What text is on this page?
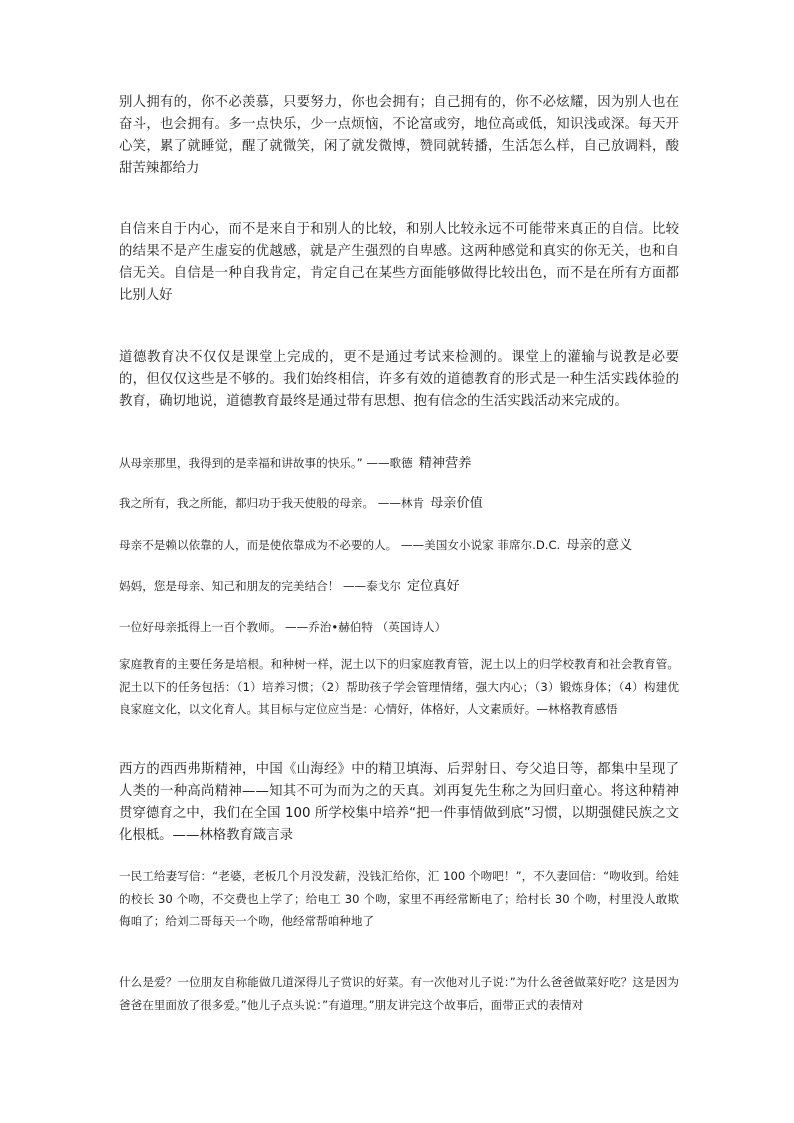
别人拥有的，你不必羡慕，只要努力，你也会拥有；自己拥有的，你不必炫耀，因为别人也在奋斗，也会拥有。多一点快乐，少一点烦恼，不论富或穷，地位高或低，知识浅或深。每天开心笑，累了就睡觉，醒了就微笑，闲了就发微博，赞同就转播，生活怎么样，自己放调料，酸甜苦辣都给力

自信来自于内心，而不是来自于和别人的比较，和别人比较永远不可能带来真正的自信。比较的结果不是产生虚妄的优越感，就是产生强烈的自卑感。这两种感觉和真实的你无关，也和自信无关。自信是一种自我肯定，肯定自己在某些方面能够做得比较出色，而不是在所有方面都比别人好

道德教育决不仅仅是课堂上完成的，更不是通过考试来检测的。课堂上的灌输与说教是必要的，但仅仅这些是不够的。我们始终相信，许多有效的道德教育的形式是一种生活实践体验的教育，确切地说，道德教育最终是通过带有思想、抱有信念的生活实践活动来完成的。

从母亲那里，我得到的是幸福和讲故事的快乐。” ——歌德 精神营养

我之所有，我之所能，都归功于我天使般的母亲。 ——林肯 母亲价值

母亲不是赖以依靠的人，而是使依靠成为不必要的人。 ——美国女小说家 菲席尔.D.C. 母亲的意义

妈妈，您是母亲、知己和朋友的完美结合！ ——泰戈尔 定位真好

一位好母亲抵得上一百个教师。 ——乔治•赫伯特 （英国诗人）

家庭教育的主要任务是培根。和种树一样，泥土以下的归家庭教育管，泥土以上的归学校教育和社会教育管。泥土以下的任务包括：（1）培养习惯；（2）帮助孩子学会管理情绪，强大内心；（3）锻炼身体；（4）构建优良家庭文化，以文化育人。其目标与定位应当是：心情好，体格好，人文素质好。—林格教育感悟

西方的西西弗斯精神，中国《山海经》中的精卫填海、后羿射日、夸父追日等，都集中呈现了人类的一种高尚精神——知其不可为而为之的天真。刘再复先生称之为回归童心。将这种精神贯穿德育之中，我们在全国 100 所学校集中培养“把一件事情做到底”习惯，以期强健民族之文化根柢。——林格教育箴言录

一民工给妻写信：“老婆，老板几个月没发薪，没钱汇给你，汇 100 个吻吧！”，不久妻回信：“吻收到。给娃的校长 30 个吻，不交费也上学了；给电工 30 个吻，家里不再经常断电了；给村长 30 个吻，村里没人敢欺侮咱了；给刘二哥每天一个吻，他经常帮咱种地了

什么是爱？一位朋友自称能做几道深得儿子赏识的好菜。有一次他对儿子说：”为什么爸爸做菜好吃？这是因为爸爸在里面放了很多爱。”他儿子点头说：”有道理。”朋友讲完这个故事后，面带正式的表情对
